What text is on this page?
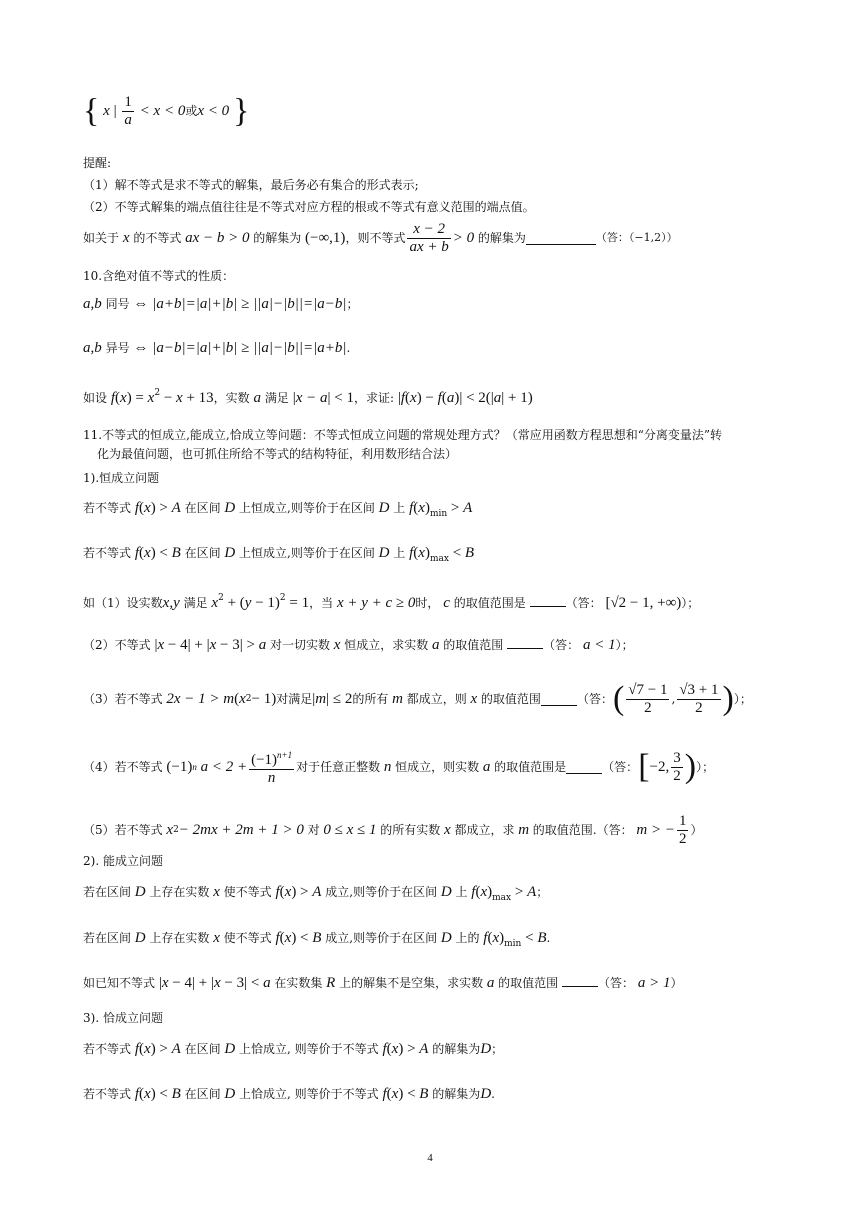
{ x | $\frac{1}{a} < x < 0$或x < 0 }
提醒:
（1）解不等式是求不等式的解集，最后务必有集合的形式表示;
（2）不等式解集的端点值往往是不等式对应方程的根或不等式有意义范围的端点值。
如关于
x
的不等式 ax − b > 0 的解集为 (−∞,1) ，则不等式 $\frac{x - 2}{ax + b} > 0$ 的解集为	（答：（−1,2））
10.含绝对值不等式的性质：
a,b 同号 ⇔ |a+b|=|a|+|b| ≥ ||a|−|b||=|a−b|；
a,b 异号 ⇔ |a−b|=|a|+|b| ≥ ||a|−|b||=|a+b|.
如设 $f(x) = x^2 - x + 13$，实数 a 满足 |x − a| < 1，求证: |f(x) − f(a)| < 2(|a| + 1)
11.不等式的恒成立,能成立,恰成立等问题：不等式恒成立问题的常规处理方式？（常应用函数方程思想和“分离变量法”转
化为最值问题，也可抓住所给不等式的结构特征，利用数形结合法）
1).恒成立问题
若不等式 f(x) > A 在区间 D 上恒成立,则等价于在区间 D 上 $f(x)_{min} > A$
若不等式 f(x) < B 在区间 D 上恒成立,则等价于在区间 D 上 $f(x)_{max} < B$
如（1）设实数x,y 满足 $x^2 + (y - 1)^2 = 1$，当 x + y + c ≥ 0时， c 的取值范围是	（答： [√2 − 1, +∞)）；
（2）不等式 |x − 4| + |x − 3| > a 对一切实数 x 恒成立，求实数 a 的取值范围	（答： a < 1）；
（3）若不等式 2x − 1 > m ( x 2 − 1) 对满足 | m | ≤ 2 的所有 m 都成立，则 x 的取值范围	（答： ( $\frac{√7 - 1}{2}$ , $\frac{√3 + 1}{2}$ ) ）；
（4）若不等式 (−1) n $a < 2 + \frac{(-1)^{n+1}}{n}$ 对于任意正整数 n 恒成立，则实数 a 的取值范围是	（答： [ −2, $\frac{3}{2}$ ) ）；
（5）若不等式 x 2 − 2mx + 2m + 1 > 0 对 0 ≤ x ≤ 1 的所有实数 x 都成立，求 m 的取值范围.（答： m > − $\frac{1}{2}$ ）
2). 能成立问题
若在区间 D 上存在实数 x 使不等式 f(x) > A 成立,则等价于在区间 D 上 $f(x)_{max} > A$；
若在区间 D 上存在实数 x 使不等式 f(x) < B 成立,则等价于在区间 D 上的 $f(x)_{min} < B$.
如已知不等式 |x − 4| + |x − 3| < a 在实数集 R 上的解集不是空集，求实数 a 的取值范围	（答： a > 1）
3). 恰成立问题
若不等式 f(x) > A 在区间 D 上恰成立, 则等价于不等式 f(x) > A 的解集为D；
若不等式 f(x) < B 在区间 D 上恰成立, 则等价于不等式 f(x) < B 的解集为D.
4
